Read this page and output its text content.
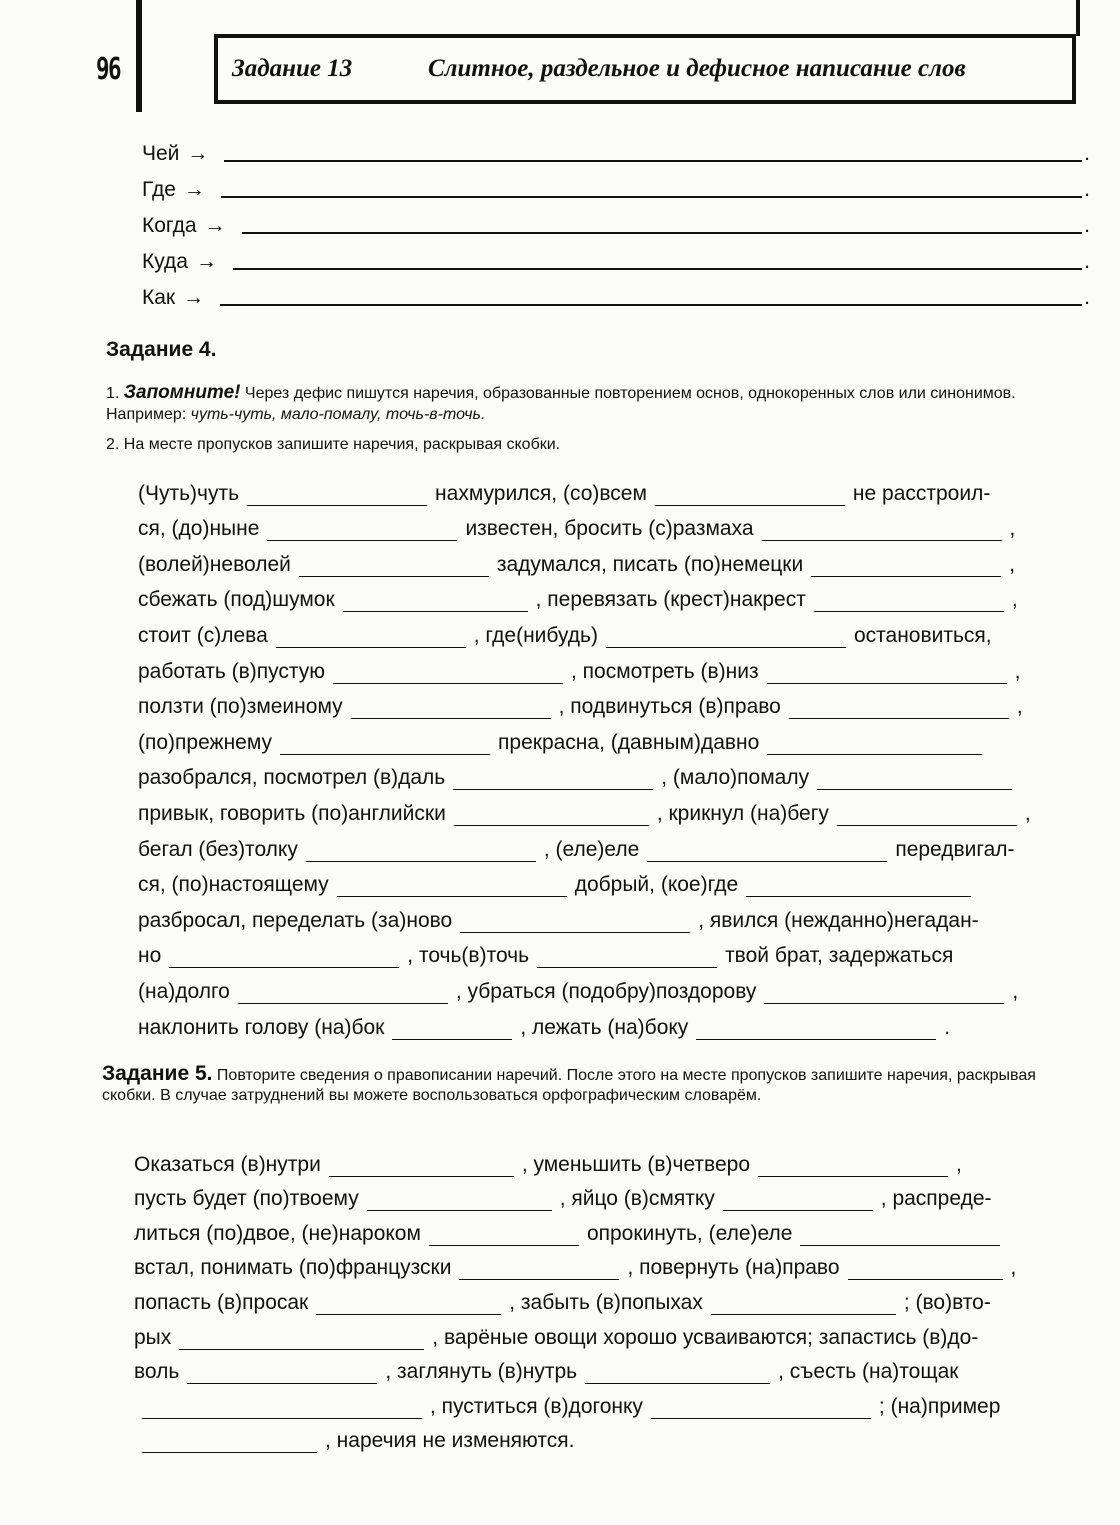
96	Задание 13	Слитное, раздельное и дефисное написание слов
Чей →	.
Где →	.
Когда →	.
Куда →	.
Как →	.
Задание 4.
1. Запомните! Через дефис пишутся наречия, образованные повторением основ, однокоренных слов или синонимов. Например: чуть-чуть, мало-помалу, точь-в-точь.
2. На месте пропусков запишите наречия, раскрывая скобки.
(Чуть)чуть	нахмурился, (со)всем	не расстроил-
ся, (до)ныне	известен, бросить (с)размаха	,
(волей)неволей	задумался, писать (по)немецки	,
сбежать (под)шумок	, перевязать (крест)накрест	,
стоит (с)лева	, где(нибудь)	остановиться,
работать (в)пустую	, посмотреть (в)низ	,
ползти (по)змеиному	, подвинуться (в)право	,
(по)прежнему	прекрасна, (давным)давно
разобрался, посмотрел (в)даль	, (мало)помалу
привык, говорить (по)английски	, крикнул (на)бегу	,
бегал (без)толку	, (еле)еле	передвигал-
ся, (по)настоящему	добрый, (кое)где
разбросал, переделать (за)ново	, явился (нежданно)негадан-
но	, точь(в)точь	твой брат, задержаться
(на)долго	, убраться (подобру)поздорову	,
наклонить голову (на)бок	, лежать (на)боку	.
Задание 5. Повторите сведения о правописании наречий. После этого на месте пропусков запишите наречия, раскрывая скобки. В случае затруднений вы можете воспользоваться орфографическим словарём.
Оказаться (в)нутри	, уменьшить (в)четверо	,
пусть будет (по)твоему	, яйцо (в)смятку	, распреде-
литься (по)двое, (не)нароком	опрокинуть, (еле)еле
встал, понимать (по)французски	, повернуть (на)право	,
попасть (в)просак	, забыть (в)попыхах	; (во)вто-
рых	, варёные овощи хорошо усваиваются; запастись (в)до-
воль	, заглянуть (в)нутрь	, съесть (на)тощак
, пуститься (в)догонку	; (на)пример
, наречия не изменяются.
